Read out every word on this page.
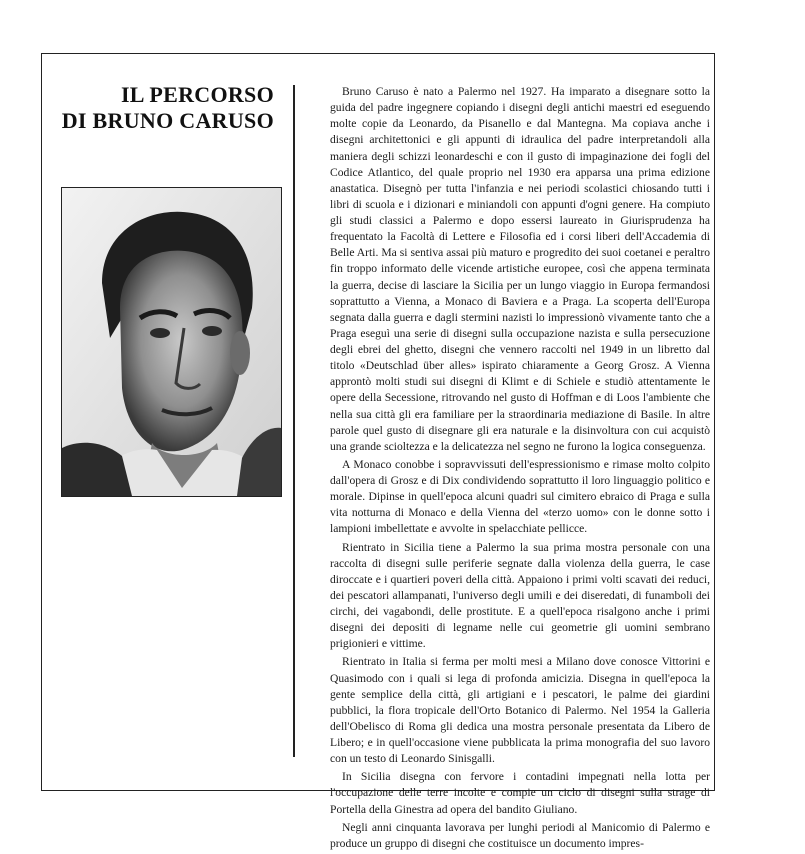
IL PERCORSO
DI BRUNO CARUSO

Bruno Caruso è nato a Palermo nel 1927. Ha imparato a disegnare sotto la guida del padre ingegnere copiando i disegni degli antichi maestri ed eseguendo molte copie da Leonardo, da Pisanello e dal Mantegna. Ma copiava anche i disegni architettonici e gli appunti di idraulica del padre interpretandoli alla maniera degli schizzi leonardeschi e con il gusto di impaginazione dei fogli del Codice Atlantico, del quale proprio nel 1930 era apparsa una prima edizione anastatica. Disegnò per tutta l'infanzia e nei periodi scolastici chiosando tutti i libri di scuola e i dizionari e miniandoli con appunti d'ogni genere. Ha compiuto gli studi classici a Palermo e dopo essersi laureato in Giurisprudenza ha frequentato la Facoltà di Lettere e Filosofia ed i corsi liberi dell'Accademia di Belle Arti. Ma si sentiva assai più maturo e progredito dei suoi coetanei e peraltro fin troppo informato delle vicende artistiche europee, così che appena terminata la guerra, decise di lasciare la Sicilia per un lungo viaggio in Europa fermandosi soprattutto a Vienna, a Monaco di Baviera e a Praga. La scoperta dell'Europa segnata dalla guerra e dagli stermini nazisti lo impressionò vivamente tanto che a Praga eseguì una serie di disegni sulla occupazione nazista e sulla persecuzione degli ebrei del ghetto, disegni che vennero raccolti nel 1949 in un libretto dal titolo «Deutschlad über alles» ispirato chiaramente a Georg Grosz. A Vienna approntò molti studi sui disegni di Klimt e di Schiele e studiò attentamente le opere della Secessione, ritrovando nel gusto di Hoffman e di Loos l'ambiente che nella sua città gli era familiare per la straordinaria mediazione di Basile. In altre parole quel gusto di disegnare gli era naturale e la disinvoltura con cui acquistò una grande scioltezza e la delicatezza nel segno ne furono la logica conseguenza.

A Monaco conobbe i sopravvissuti dell'espressionismo e rimase molto colpito dall'opera di Grosz e di Dix condividendo soprattutto il loro linguaggio politico e morale. Dipinse in quell'epoca alcuni quadri sul cimitero ebraico di Praga e sulla vita notturna di Monaco e della Vienna del «terzo uomo» con le donne sotto i lampioni imbellettate e avvolte in spelacchiate pellicce.

Rientrato in Sicilia tiene a Palermo la sua prima mostra personale con una raccolta di disegni sulle periferie segnate dalla violenza della guerra, le case diroccate e i quartieri poveri della città. Appaiono i primi volti scavati dei reduci, dei pescatori allampanati, l'universo degli umili e dei diseredati, di funamboli dei circhi, dei vagabondi, delle prostitute. E a quell'epoca risalgono anche i primi disegni dei depositi di legname nelle cui geometrie gli uomini sembrano prigionieri e vittime.

Rientrato in Italia si ferma per molti mesi a Milano dove conosce Vittorini e Quasimodo con i quali si lega di profonda amicizia. Disegna in quell'epoca la gente semplice della città, gli artigiani e i pescatori, le palme dei giardini pubblici, la flora tropicale dell'Orto Botanico di Palermo. Nel 1954 la Galleria dell'Obelisco di Roma gli dedica una mostra personale presentata da Libero de Libero; e in quell'occasione viene pubblicata la prima monografia del suo lavoro con un testo di Leonardo Sinisgalli.

In Sicilia disegna con fervore i contadini impegnati nella lotta per l'occupazione delle terre incolte e compie un ciclo di disegni sulla strage di Portella della Ginestra ad opera del bandito Giuliano.

Negli anni cinquanta lavorava per lunghi periodi al Manicomio di Palermo e produce un gruppo di disegni che costituisce un documento impres-
